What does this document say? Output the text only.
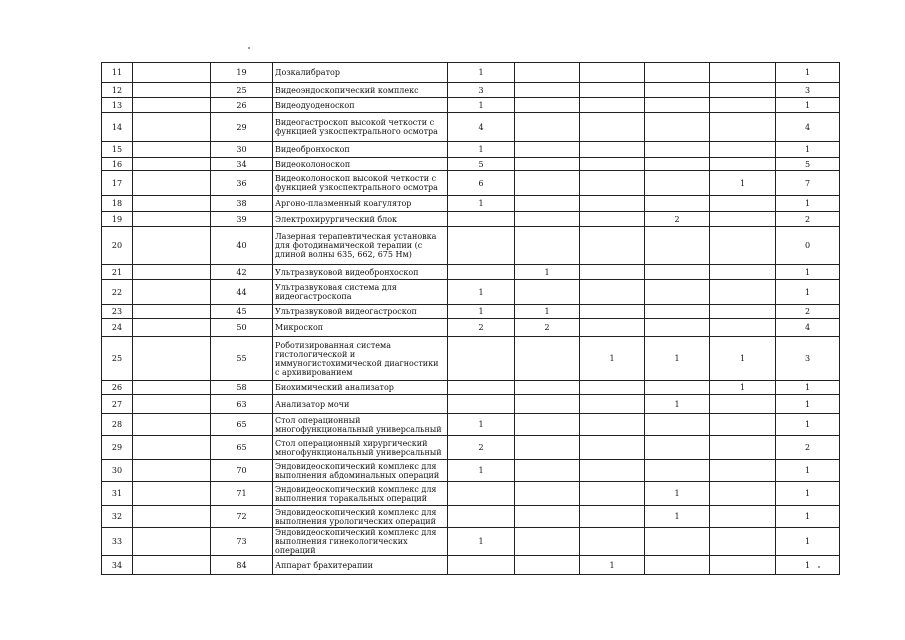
11		19	Дозкалибратор	1					1
12		25	Видеоэндоскопический комплекс	3					3
13		26	Видеодуоденоскоп	1					1
14		29	Видеогастроскоп высокой четкости с функцией узкоспектрального осмотра	4					4
15		30	Видеобронхоскоп	1					1
16		34	Видеоколоноскоп	5					5
17		36	Видеоколоноскоп высокой четкости с функцией узкоспектрального осмотра	6				1	7
18		38	Аргоно-плазменный коагулятор	1					1
19		39	Электрохирургический блок				2		2
20		40	Лазерная терапевтическая установка для фотодинамической терапии (с длиной волны 635, 662, 675 Нм)						0
21		42	Ультразвуковой видеобронхоскоп		1				1
22		44	Ультразвуковая система для видеогастроскопа	1					1
23		45	Ультразвуковой видеогастроскоп	1	1				2
24		50	Микроскоп	2	2				4
25		55	Роботизированная система гистологической и иммуногистохимической диагностики с архивированием			1	1	1	3
26		58	Биохимический анализатор					1	1
27		63	Анализатор мочи				1		1
28		65	Стол операционный многофункциональный универсальный	1					1
29		65	Стол операционный хирургический многофункциональный универсальный	2					2
30		70	Эндовидеоскопический комплекс для выполнения абдоминальных операций	1					1
31		71	Эндовидеоскопический комплекс для выполнения торакальных операций				1		1
32		72	Эндовидеоскопический комплекс для выполнения урологических операций				1		1
33		73	Эндовидеоскопический комплекс для выполнения гинекологических операций	1					1
34		84	Аппарат брахитерапии			1			1
